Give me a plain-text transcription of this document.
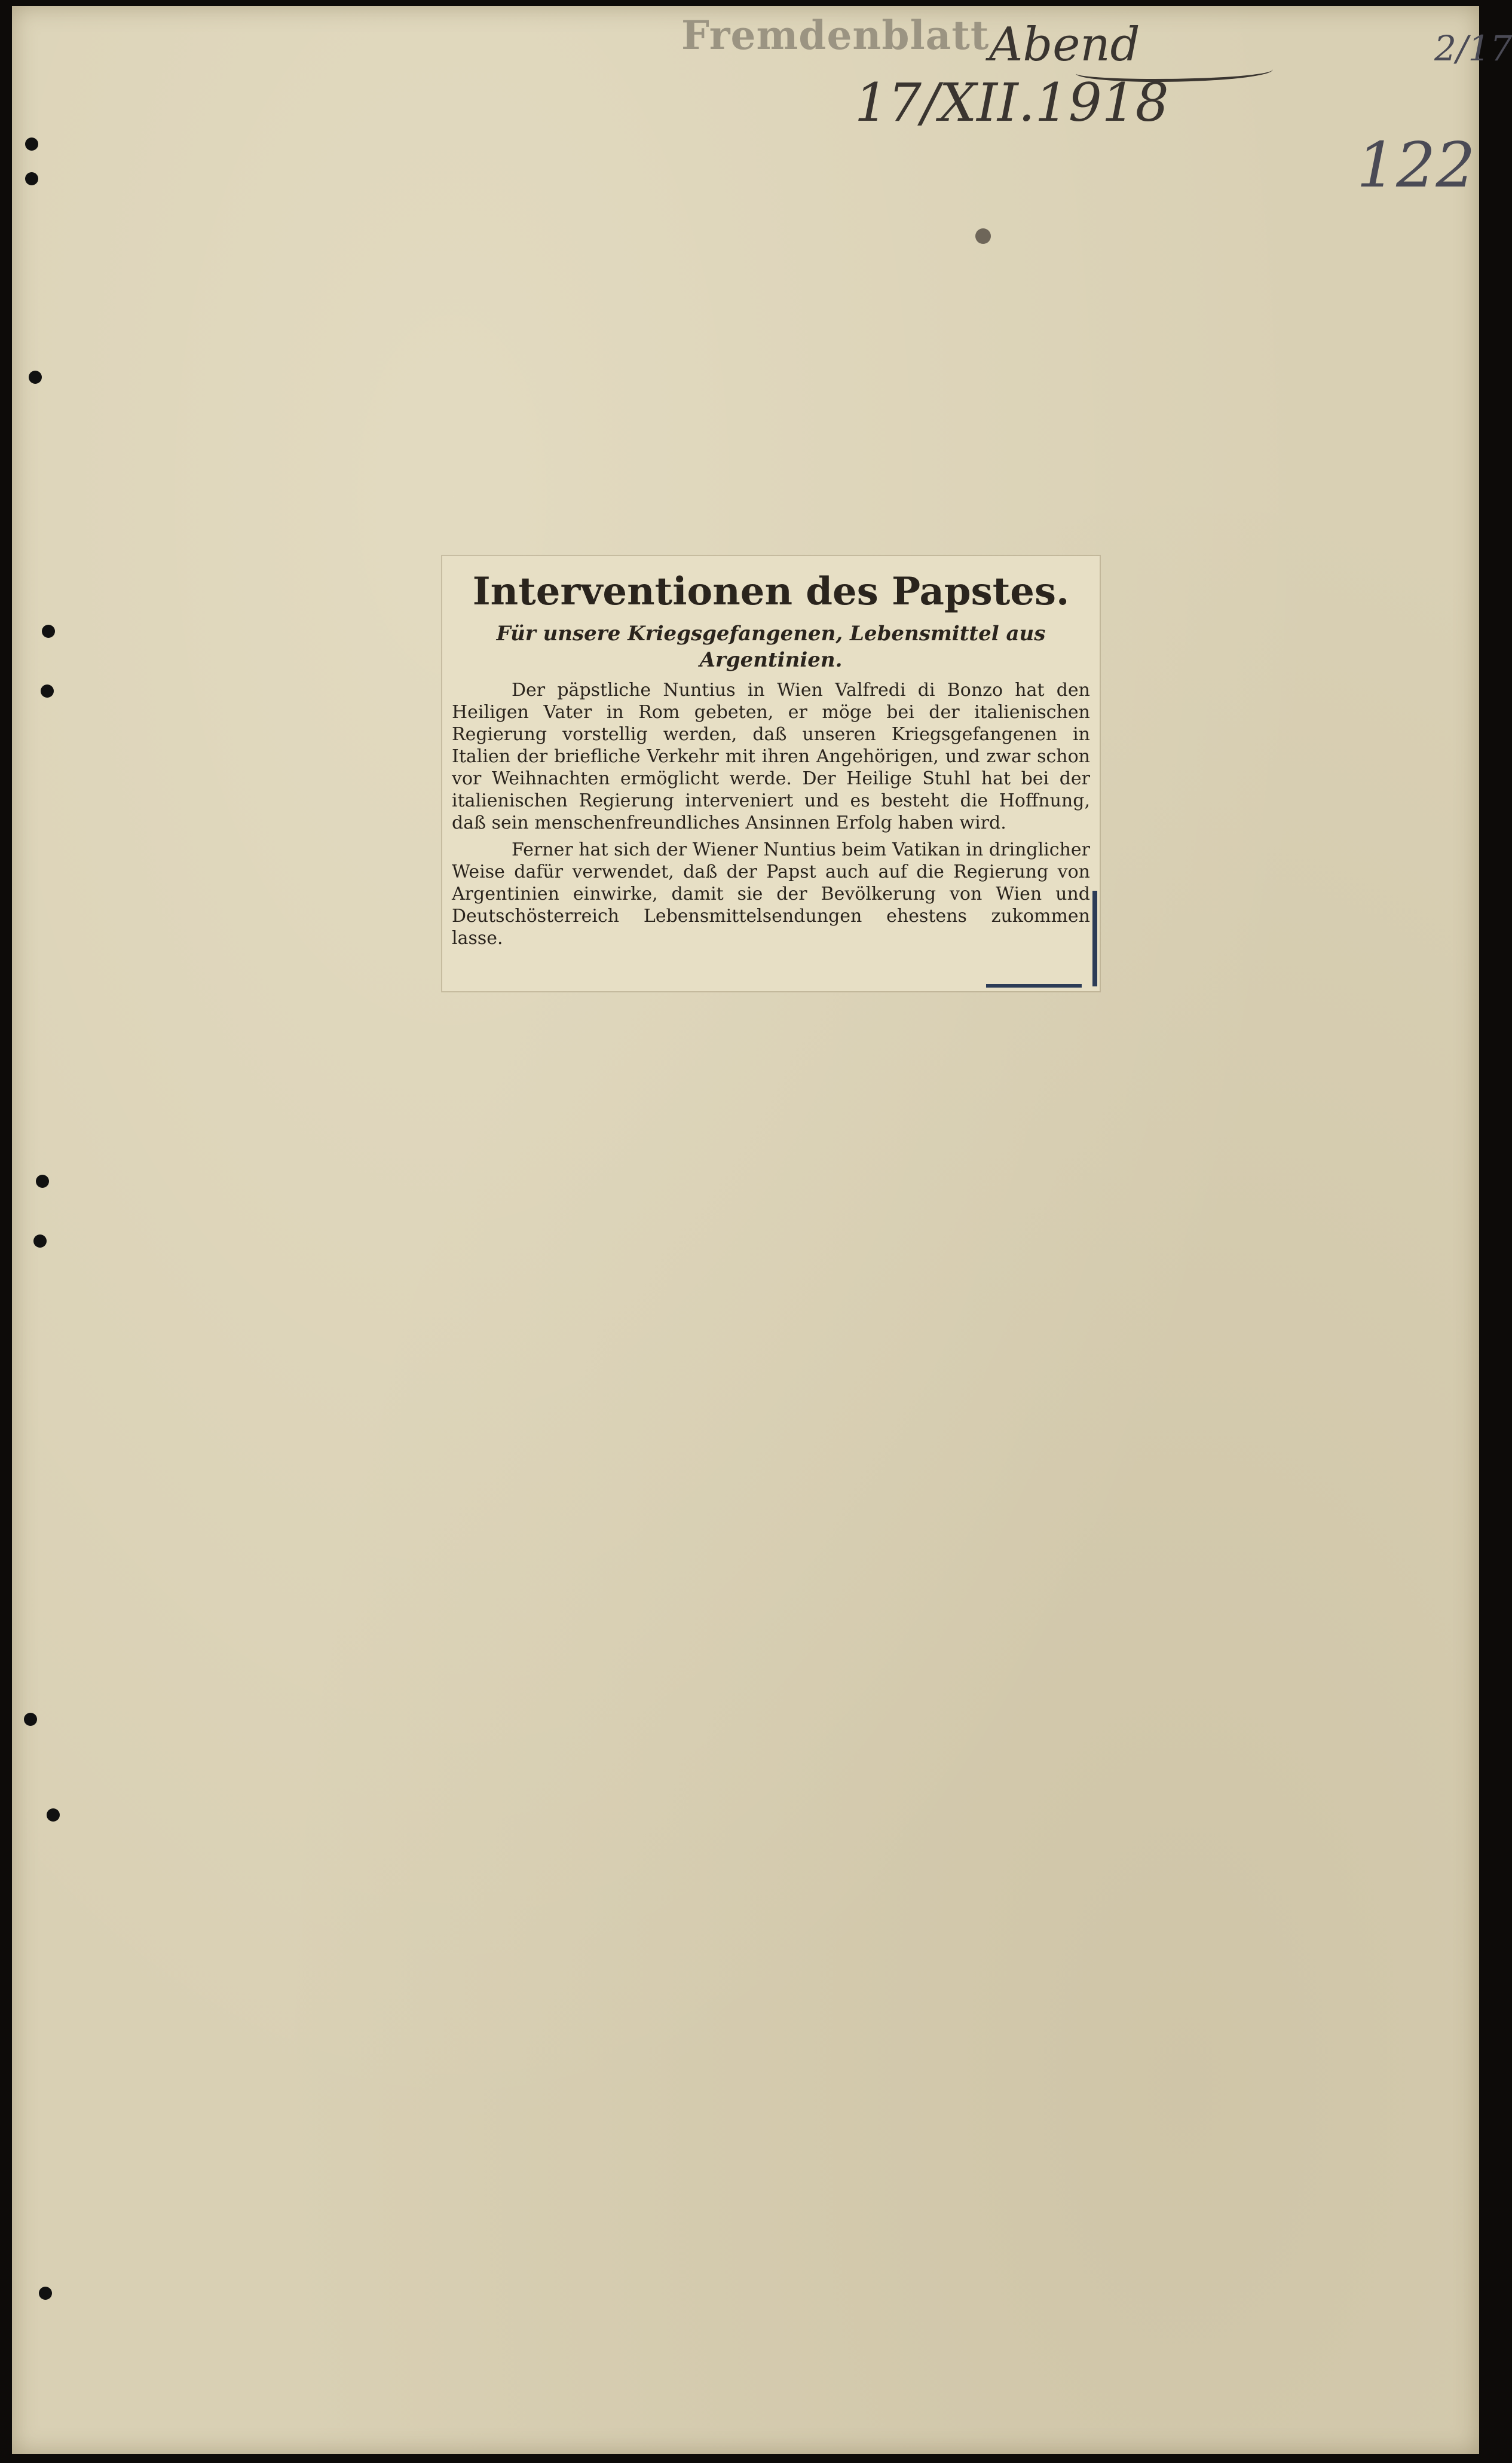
Fremdenblatt Abend
17/XII.1918
122
2/17
Interventionen des Papstes.
Für unsere Kriegsgefangenen, Lebensmittel aus Argentinien.

Der päpstliche Nuntius in Wien Valfredi di Bonzo hat den Heiligen Vater in Rom gebeten, er möge bei der italienischen Regierung vorstellig werden, daß unseren Kriegsgefangenen in Italien der briefliche Verkehr mit ihren Angehörigen, und zwar schon vor Weihnachten ermöglicht werde. Der Heilige Stuhl hat bei der italienischen Regierung interveniert und es besteht die Hoffnung, daß sein menschenfreundliches Ansinnen Erfolg haben wird.

Ferner hat sich der Wiener Nuntius beim Vatikan in dringlicher Weise dafür verwendet, daß der Papst auch auf die Regierung von Argentinien einwirke, damit sie der Bevölkerung von Wien und Deutschösterreich Lebensmittelsendungen ehestens zukommen lasse.
